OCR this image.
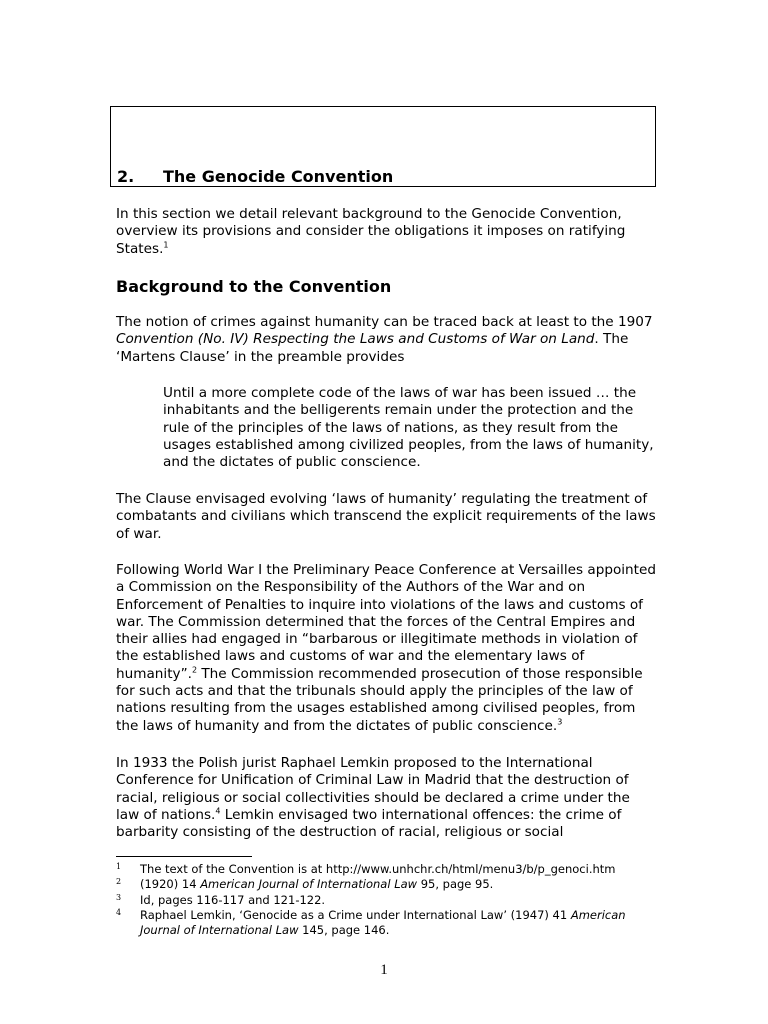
2. The Genocide Convention

In this section we detail relevant background to the Genocide Convention, overview its provisions and consider the obligations it imposes on ratifying States.$^1$

Background to the Convention

The notion of crimes against humanity can be traced back at least to the 1907 Convention (No. IV) Respecting the Laws and Customs of War on Land. The ‘Martens Clause’ in the preamble provides

Until a more complete code of the laws of war has been issued … the inhabitants and the belligerents remain under the protection and the rule of the principles of the laws of nations, as they result from the usages established among civilized peoples, from the laws of humanity, and the dictates of public conscience.

The Clause envisaged evolving ‘laws of humanity’ regulating the treatment of combatants and civilians which transcend the explicit requirements of the laws of war.

Following World War I the Preliminary Peace Conference at Versailles appointed a Commission on the Responsibility of the Authors of the War and on Enforcement of Penalties to inquire into violations of the laws and customs of war. The Commission determined that the forces of the Central Empires and their allies had engaged in “barbarous or illegitimate methods in violation of the established laws and customs of war and the elementary laws of humanity”.$^2$ The Commission recommended prosecution of those responsible for such acts and that the tribunals should apply the principles of the law of nations resulting from the usages established among civilised peoples, from the laws of humanity and from the dictates of public conscience.$^3$

In 1933 the Polish jurist Raphael Lemkin proposed to the International Conference for Unification of Criminal Law in Madrid that the destruction of racial, religious or social collectivities should be declared a crime under the law of nations.$^4$ Lemkin envisaged two international offences: the crime of barbarity consisting of the destruction of racial, religious or social

1 The text of the Convention is at http://www.unhchr.ch/html/menu3/b/p_genoci.htm
2 (1920) 14 American Journal of International Law 95, page 95.
3 Id, pages 116-117 and 121-122.
4 Raphael Lemkin, ‘Genocide as a Crime under International Law’ (1947) 41 American Journal of International Law 145, page 146.

1
